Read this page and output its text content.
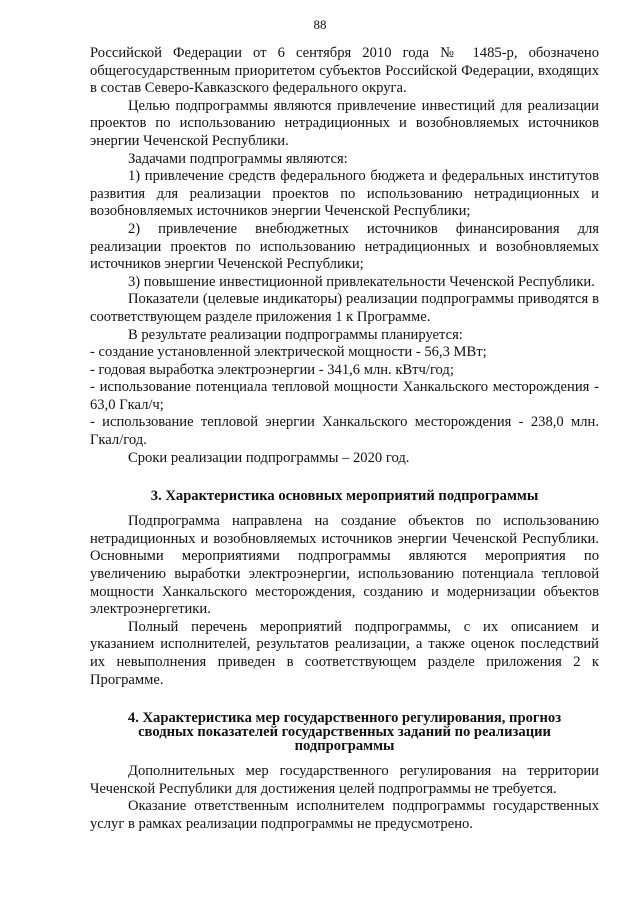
88

Российской Федерации от 6 сентября 2010 года № 1485-р, обозначено общегосударственным приоритетом субъектов Российской Федерации, входящих в состав Северо-Кавказского федерального округа.

Целью подпрограммы являются привлечение инвестиций для реализации проектов по использованию нетрадиционных и возобновляемых источников энергии Чеченской Республики.

Задачами подпрограммы являются:

1) привлечение средств федерального бюджета и федеральных институтов развития для реализации проектов по использованию нетрадиционных и возобновляемых источников энергии Чеченской Республики;

2) привлечение внебюджетных источников финансирования для реализации проектов по использованию нетрадиционных и возобновляемых источников энергии Чеченской Республики;

3) повышение инвестиционной привлекательности Чеченской Республики.

Показатели (целевые индикаторы) реализации подпрограммы приводятся в соответствующем разделе приложения 1 к Программе.

В результате реализации подпрограммы планируется:

- создание установленной электрической мощности - 56,3 МВт;

- годовая выработка электроэнергии - 341,6 млн. кВтч/год;

- использование потенциала тепловой мощности Ханкальского месторождения - 63,0 Гкал/ч;

- использование тепловой энергии Ханкальского месторождения - 238,0 млн. Гкал/год.

Сроки реализации подпрограммы – 2020 год.

3. Характеристика основных мероприятий подпрограммы

Подпрограмма направлена на создание объектов по использованию нетрадиционных и возобновляемых источников энергии Чеченской Республики. Основными мероприятиями подпрограммы являются мероприятия по увеличению выработки электроэнергии, использованию потенциала тепловой мощности Ханкальского месторождения, созданию и модернизации объектов электроэнергетики.

Полный перечень мероприятий подпрограммы, с их описанием и указанием исполнителей, результатов реализации, а также оценок последствий их невыполнения приведен в соответствующем разделе приложения 2 к Программе.

4. Характеристика мер государственного регулирования, прогноз
сводных показателей государственных заданий по реализации
подпрограммы

Дополнительных мер государственного регулирования на территории Чеченской Республики для достижения целей подпрограммы не требуется.

Оказание ответственным исполнителем подпрограммы государственных услуг в рамках реализации подпрограммы не предусмотрено.
